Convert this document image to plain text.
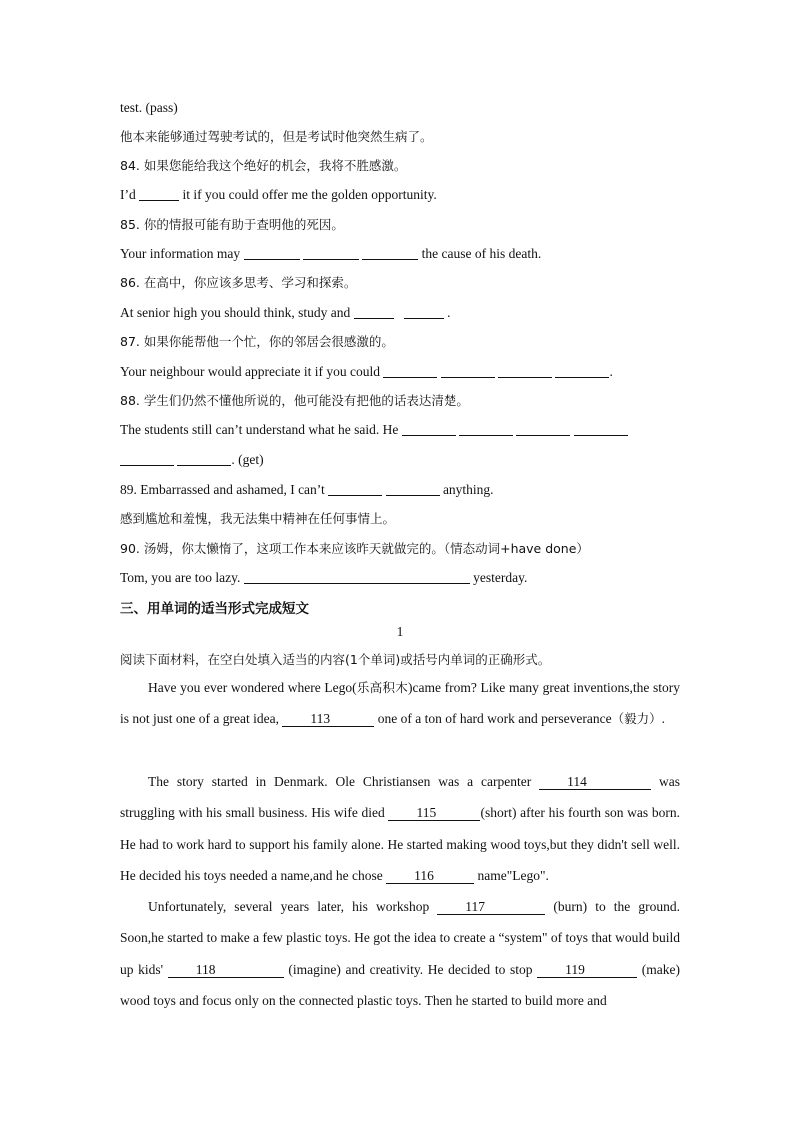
test. (pass)
他本来能够通过驾驶考试的，但是考试时他突然生病了。
84. 如果您能给我这个绝好的机会，我将不胜感激。
I’d	it if you could offer me the golden opportunity.
85. 你的情报可能有助于查明他的死因。
Your information may	the cause of his death.
86. 在高中，你应该多思考、学习和探索。
At senior high you should think, study and	.
87. 如果你能帮他一个忙，你的邻居会很感激的。
Your neighbour would appreciate it if you could	.
88. 学生们仍然不懂他所说的，他可能没有把他的话表达清楚。
The students still can’t understand what he said. He
. (get)
89. Embarrassed and ashamed, I can’t	anything.
感到尴尬和羞愧，我无法集中精神在任何事情上。
90. 汤姆，你太懒惰了，这项工作本来应该昨天就做完的。（情态动词+have done）
Tom, you are too lazy.	yesterday.
三、用单词的适当形式完成短文
1
阅读下面材料，在空白处填入适当的内容(1个单词)或括号内单词的正确形式。
Have you ever wondered where Lego(乐高积木)came from? Like many great inventions,the story is not just one of a great idea, 113	one of a ton of hard work and perseverance（毅力）.
The story started in Denmark. Ole Christiansen was a carpenter 114	was struggling with his small business. His wife died 115	(short) after his fourth son was born. He had to work hard to support his family alone. He started making wood toys,but they didn't sell well. He decided his toys needed a name,and he chose 116	name"Lego".
Unfortunately, several years later, his workshop 117	(burn) to the ground. Soon,he started to make a few plastic toys. He got the idea to create a “system" of toys that would build up kids' 118	(imagine) and creativity. He decided to stop 119	(make) wood toys and focus only on the connected plastic toys. Then he started to build more and
